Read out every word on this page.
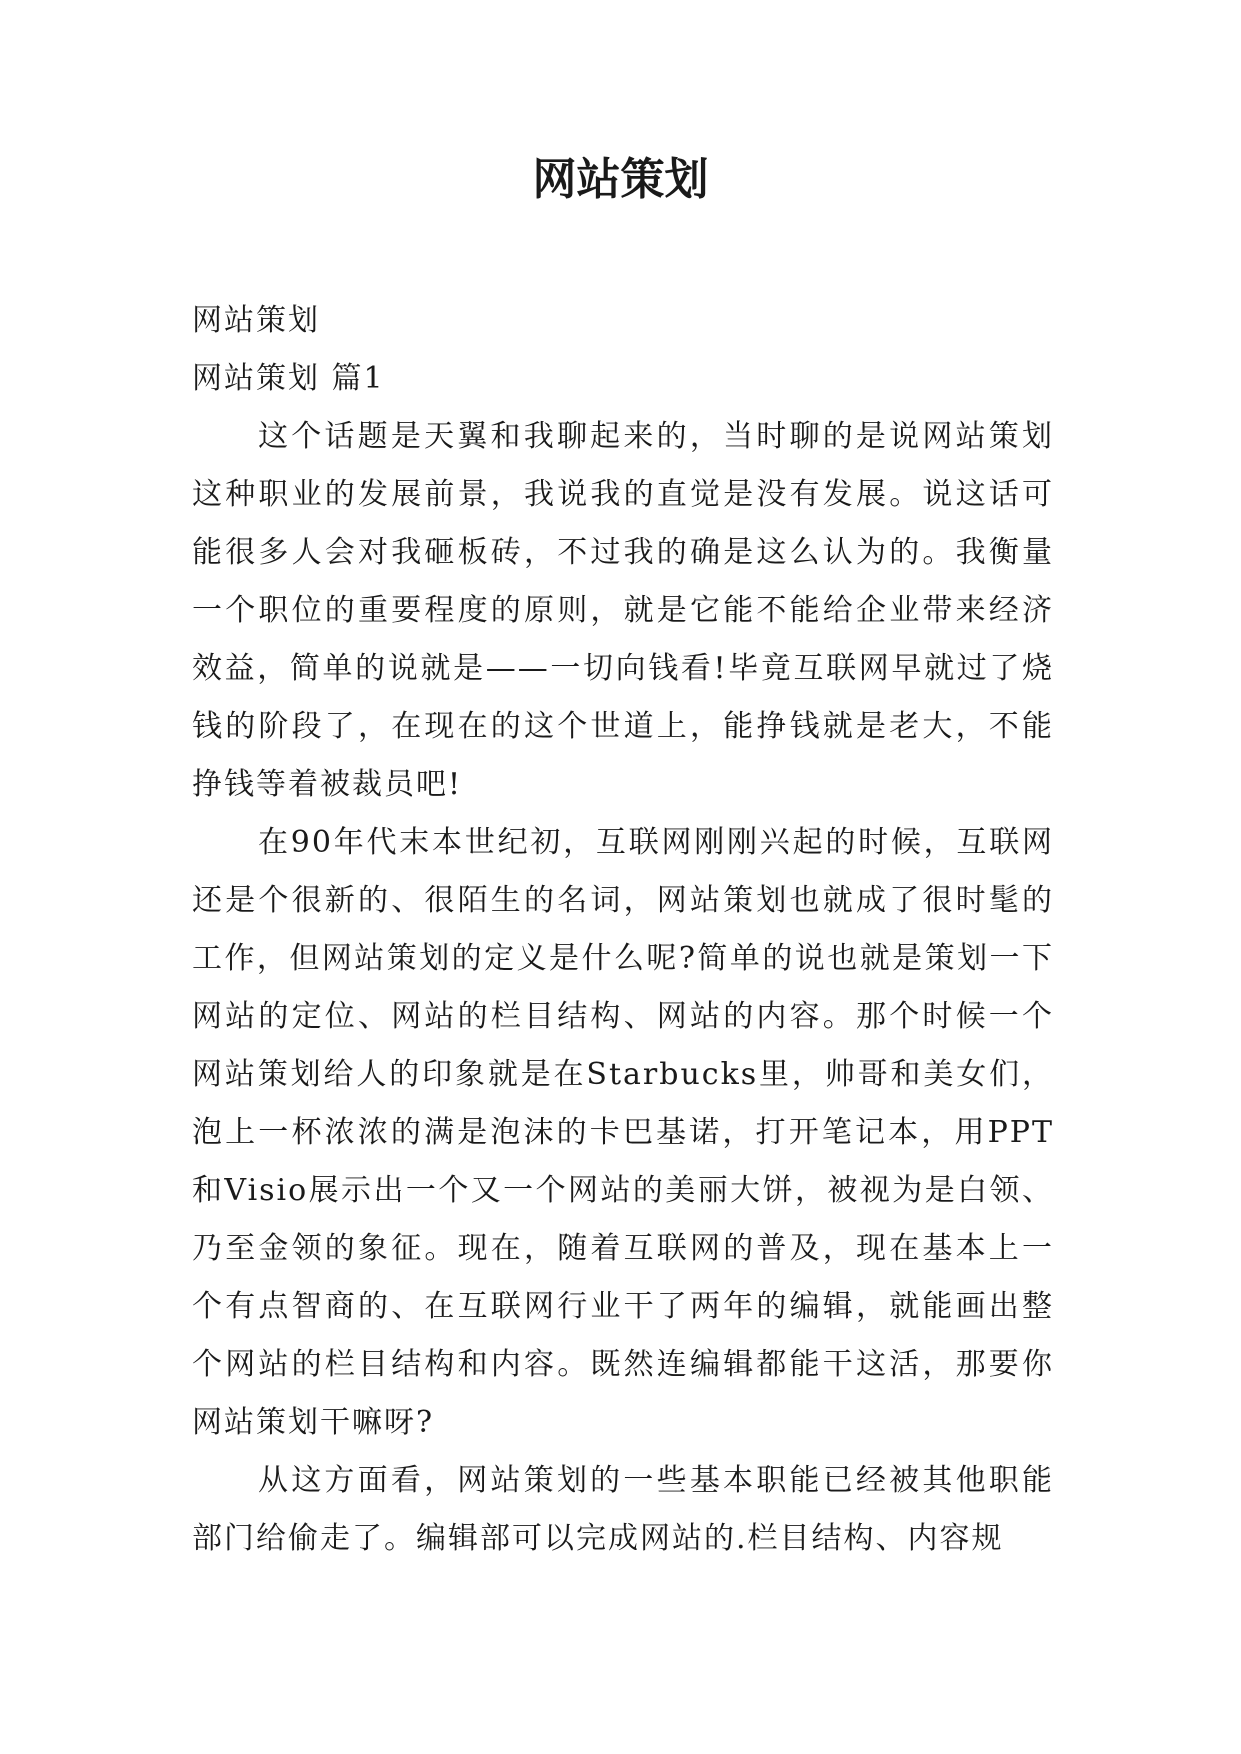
网站策划

网站策划

网站策划 篇1

这个话题是天翼和我聊起来的，当时聊的是说网站策划这种职业的发展前景，我说我的直觉是没有发展。说这话可能很多人会对我砸板砖，不过我的确是这么认为的。我衡量一个职位的重要程度的原则，就是它能不能给企业带来经济效益，简单的说就是——一切向钱看!毕竟互联网早就过了烧钱的阶段了，在现在的这个世道上，能挣钱就是老大，不能挣钱等着被裁员吧!

在90年代末本世纪初，互联网刚刚兴起的时候，互联网还是个很新的、很陌生的名词，网站策划也就成了很时髦的工作，但网站策划的定义是什么呢?简单的说也就是策划一下网站的定位、网站的栏目结构、网站的内容。那个时候一个网站策划给人的印象就是在Starbucks里，帅哥和美女们，泡上一杯浓浓的满是泡沫的卡巴基诺，打开笔记本，用PPT和Visio展示出一个又一个网站的美丽大饼，被视为是白领、乃至金领的象征。现在，随着互联网的普及，现在基本上一个有点智商的、在互联网行业干了两年的编辑，就能画出整个网站的栏目结构和内容。既然连编辑都能干这活，那要你网站策划干嘛呀?

从这方面看，网站策划的一些基本职能已经被其他职能部门给偷走了。编辑部可以完成网站的.栏目结构、内容规
